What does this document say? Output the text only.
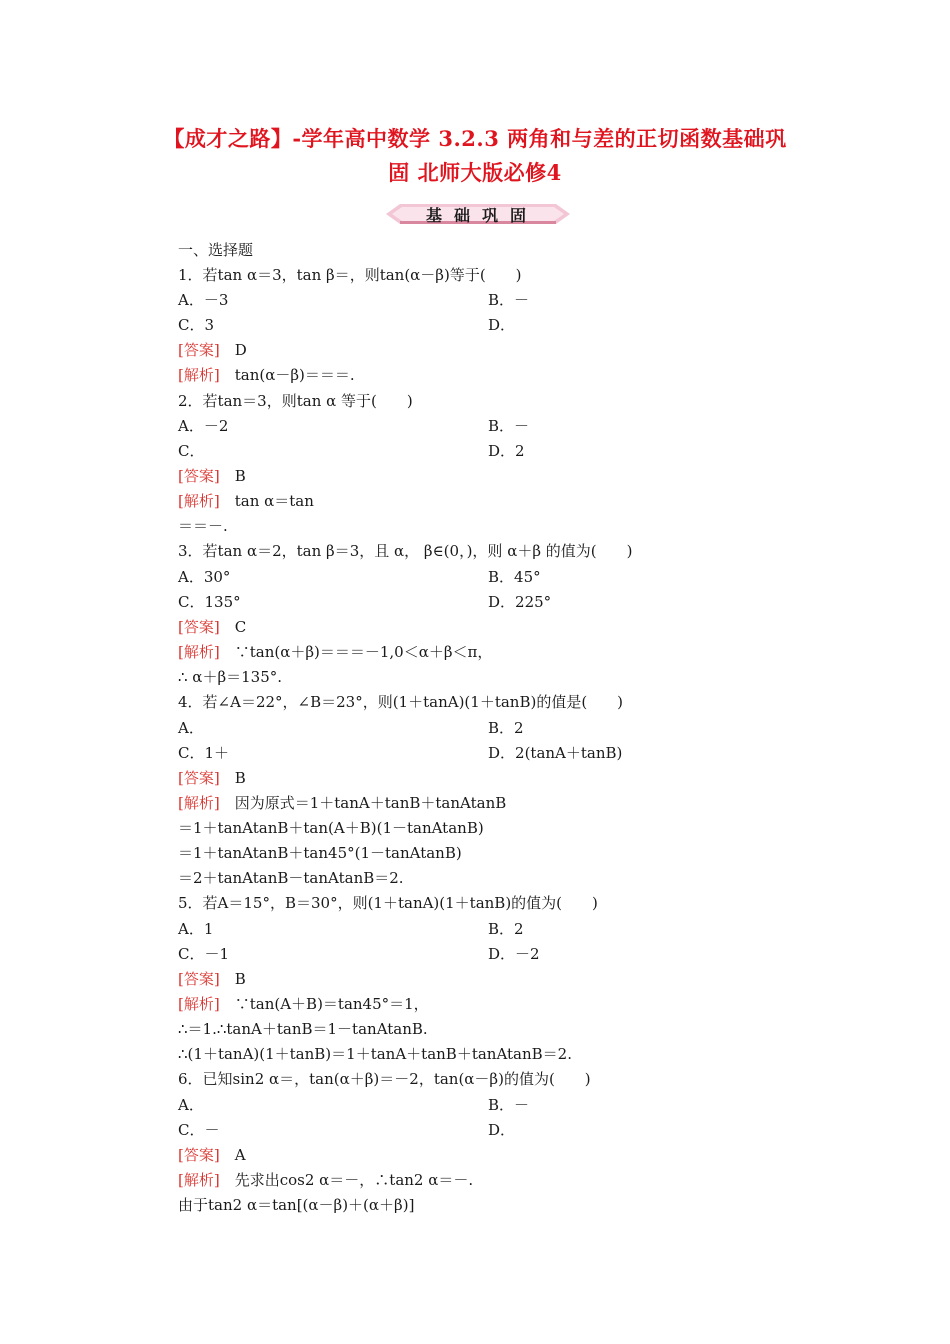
【成才之路】-学年高中数学 3.2.3 两角和与差的正切函数基础巩
固 北师大版必修4
基础巩固
一、选择题
1．若tan α＝3，tan β＝，则tan(α－β)等于(　　)
A．－3	B．－
C．3	D．
[答案]　 D
[解析]　 tan(α－β)＝＝＝.
2．若tan＝3，则tan α 等于(　　)
A．－2	B．－
C．	D．2
[答案]　 B
[解析]　 tan α＝tan
＝＝－.
3．若tan α＝2，tan β＝3，且 α， β∈(0，)，则 α＋β 的值为(　　)
A．30°	B．45°
C．135°	D．225°
[答案]　 C
[解析]　 ∵tan(α＋β)＝＝＝－1,0＜α＋β＜π，
∴ α＋β＝135°.
4．若∠A＝22°，∠B＝23°，则(1＋tanA)(1＋tanB)的值是(　　)
A．	B．2
C．1＋	D．2(tanA＋tanB)
[答案]　 B
[解析]　 因为原式＝1＋tanA＋tanB＋tanAtanB
＝1＋tanAtanB＋tan(A＋B)(1－tanAtanB)
＝1＋tanAtanB＋tan45°(1－tanAtanB)
＝2＋tanAtanB－tanAtanB＝2.
5．若A＝15°，B＝30°，则(1＋tanA)(1＋tanB)的值为(　　)
A．1	B．2
C．－1	D．－2
[答案]　 B
[解析]　 ∵tan(A＋B)＝tan45°＝1，
∴＝1.∴tanA＋tanB＝1－tanAtanB.
∴(1＋tanA)(1＋tanB)＝1＋tanA＋tanB＋tanAtanB＝2.
6．已知sin2 α＝，tan(α＋β)＝－2，tan(α－β)的值为(　　)
A．	B．－
C．－	D．
[答案]　 A
[解析]　 先求出cos2 α＝－，∴tan2 α＝－.
由于tan2 α＝tan[(α－β)＋(α＋β)]
